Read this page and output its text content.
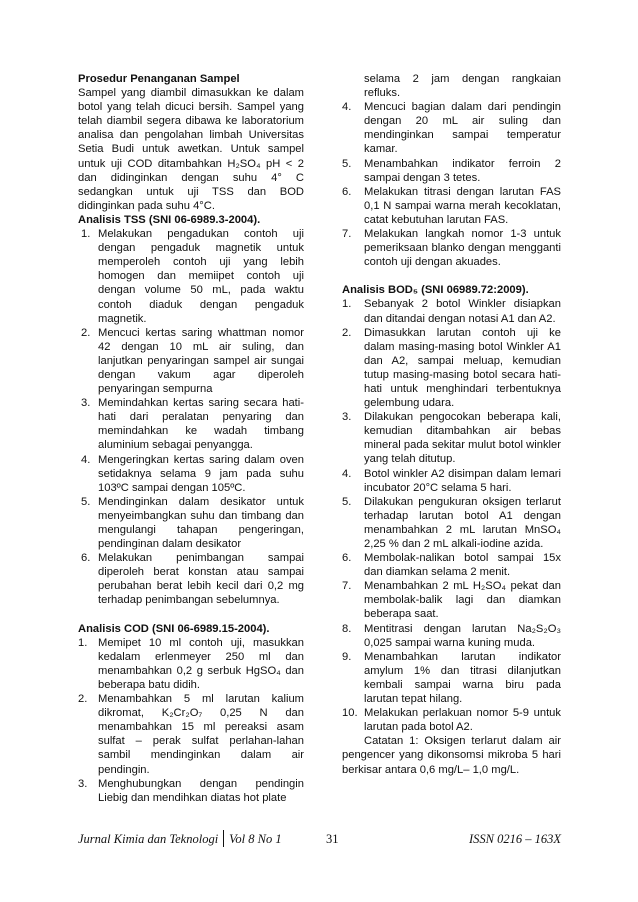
Prosedur Penanganan Sampel

Sampel yang diambil dimasukkan ke dalam botol yang telah dicuci bersih. Sampel yang telah diambil segera dibawa ke laboratorium analisa dan pengolahan limbah Universitas Setia Budi untuk awetkan. Untuk sampel untuk uji COD ditambahkan H₂SO₄ pH < 2 dan didinginkan dengan suhu 4° C sedangkan untuk uji TSS dan BOD didinginkan pada suhu 4°C.

Analisis TSS (SNI 06-6989.3-2004).
1. Melakukan pengadukan contoh uji dengan pengaduk magnetik untuk memperoleh contoh uji yang lebih homogen dan memiipet contoh uji dengan volume 50 mL, pada waktu contoh diaduk dengan pengaduk magnetik.
2. Mencuci kertas saring whattman nomor 42 dengan 10 mL air suling, dan lanjutkan penyaringan sampel air sungai dengan vakum agar diperoleh penyaringan sempurna
3. Memindahkan kertas saring secara hati-hati dari peralatan penyaring dan memindahkan ke wadah timbang aluminium sebagai penyangga.
4. Mengeringkan kertas saring dalam oven setidaknya selama 9 jam pada suhu 103ºC sampai dengan 105ºC.
5. Mendinginkan dalam desikator untuk menyeimbangkan suhu dan timbang dan mengulangi tahapan pengeringan, pendinginan dalam desikator
6. Melakukan penimbangan sampai diperoleh berat konstan atau sampai perubahan berat lebih kecil dari 0,2 mg terhadap penimbangan sebelumnya.
Analisis COD (SNI 06-6989.15-2004).
1. Memipet 10 ml contoh uji, masukkan kedalam erlenmeyer 250 ml dan menambahkan 0,2 g serbuk HgSO₄ dan beberapa batu didih.
2. Menambahkan 5 ml larutan kalium dikromat, K₂Cr₂O₇ 0,25 N dan menambahkan 15 ml pereaksi asam sulfat – perak sulfat perlahan-lahan sambil mendinginkan dalam air pendingin.
3. Menghubungkan dengan pendingin Liebig dan mendihkan diatas hot plate
selama 2 jam dengan rangkaian refluks.
4. Mencuci bagian dalam dari pendingin dengan 20 mL air suling dan mendinginkan sampai temperatur kamar.
5. Menambahkan indikator ferroin 2 sampai dengan 3 tetes.
6. Melakukan titrasi dengan larutan FAS 0,1 N sampai warna merah kecoklatan, catat kebutuhan larutan FAS.
7. Melakukan langkah nomor 1-3 untuk pemeriksaan blanko dengan mengganti contoh uji dengan akuades.
Analisis BOD₅ (SNI 06989.72:2009).
1. Sebanyak 2 botol Winkler disiapkan dan ditandai dengan notasi A1 dan A2.
2. Dimasukkan larutan contoh uji ke dalam masing-masing botol Winkler A1 dan A2, sampai meluap, kemudian tutup masing-masing botol secara hati-hati untuk menghindari terbentuknya gelembung udara.
3. Dilakukan pengocokan beberapa kali, kemudian ditambahkan air bebas mineral pada sekitar mulut botol winkler yang telah ditutup.
4. Botol winkler A2 disimpan dalam lemari incubator 20°C selama 5 hari.
5. Dilakukan pengukuran oksigen terlarut terhadap larutan botol A1 dengan menambahkan 2 mL larutan MnSO₄ 2,25 % dan 2 mL alkali-iodine azida.
6. Membolak-nalikan botol sampai 15x dan diamkan selama 2 menit.
7. Menambahkan 2 mL H₂SO₄ pekat dan membolak-balik lagi dan diamkan beberapa saat.
8. Mentitrasi dengan larutan Na₂S₂O₃ 0,025 sampai warna kuning muda.
9. Menambahkan larutan indikator amylum 1% dan titrasi dilanjutkan kembali sampai warna biru pada larutan tepat hilang.
10. Melakukan perlakuan nomor 5-9 untuk larutan pada botol A2.

Catatan 1: Oksigen terlarut dalam air pengencer yang dikonsomsi mikroba 5 hari berkisar antara 0,6 mg/L– 1,0 mg/L.

Jurnal Kimia dan Teknologi Vol 8 No 1	31	ISSN 0216 – 163X
